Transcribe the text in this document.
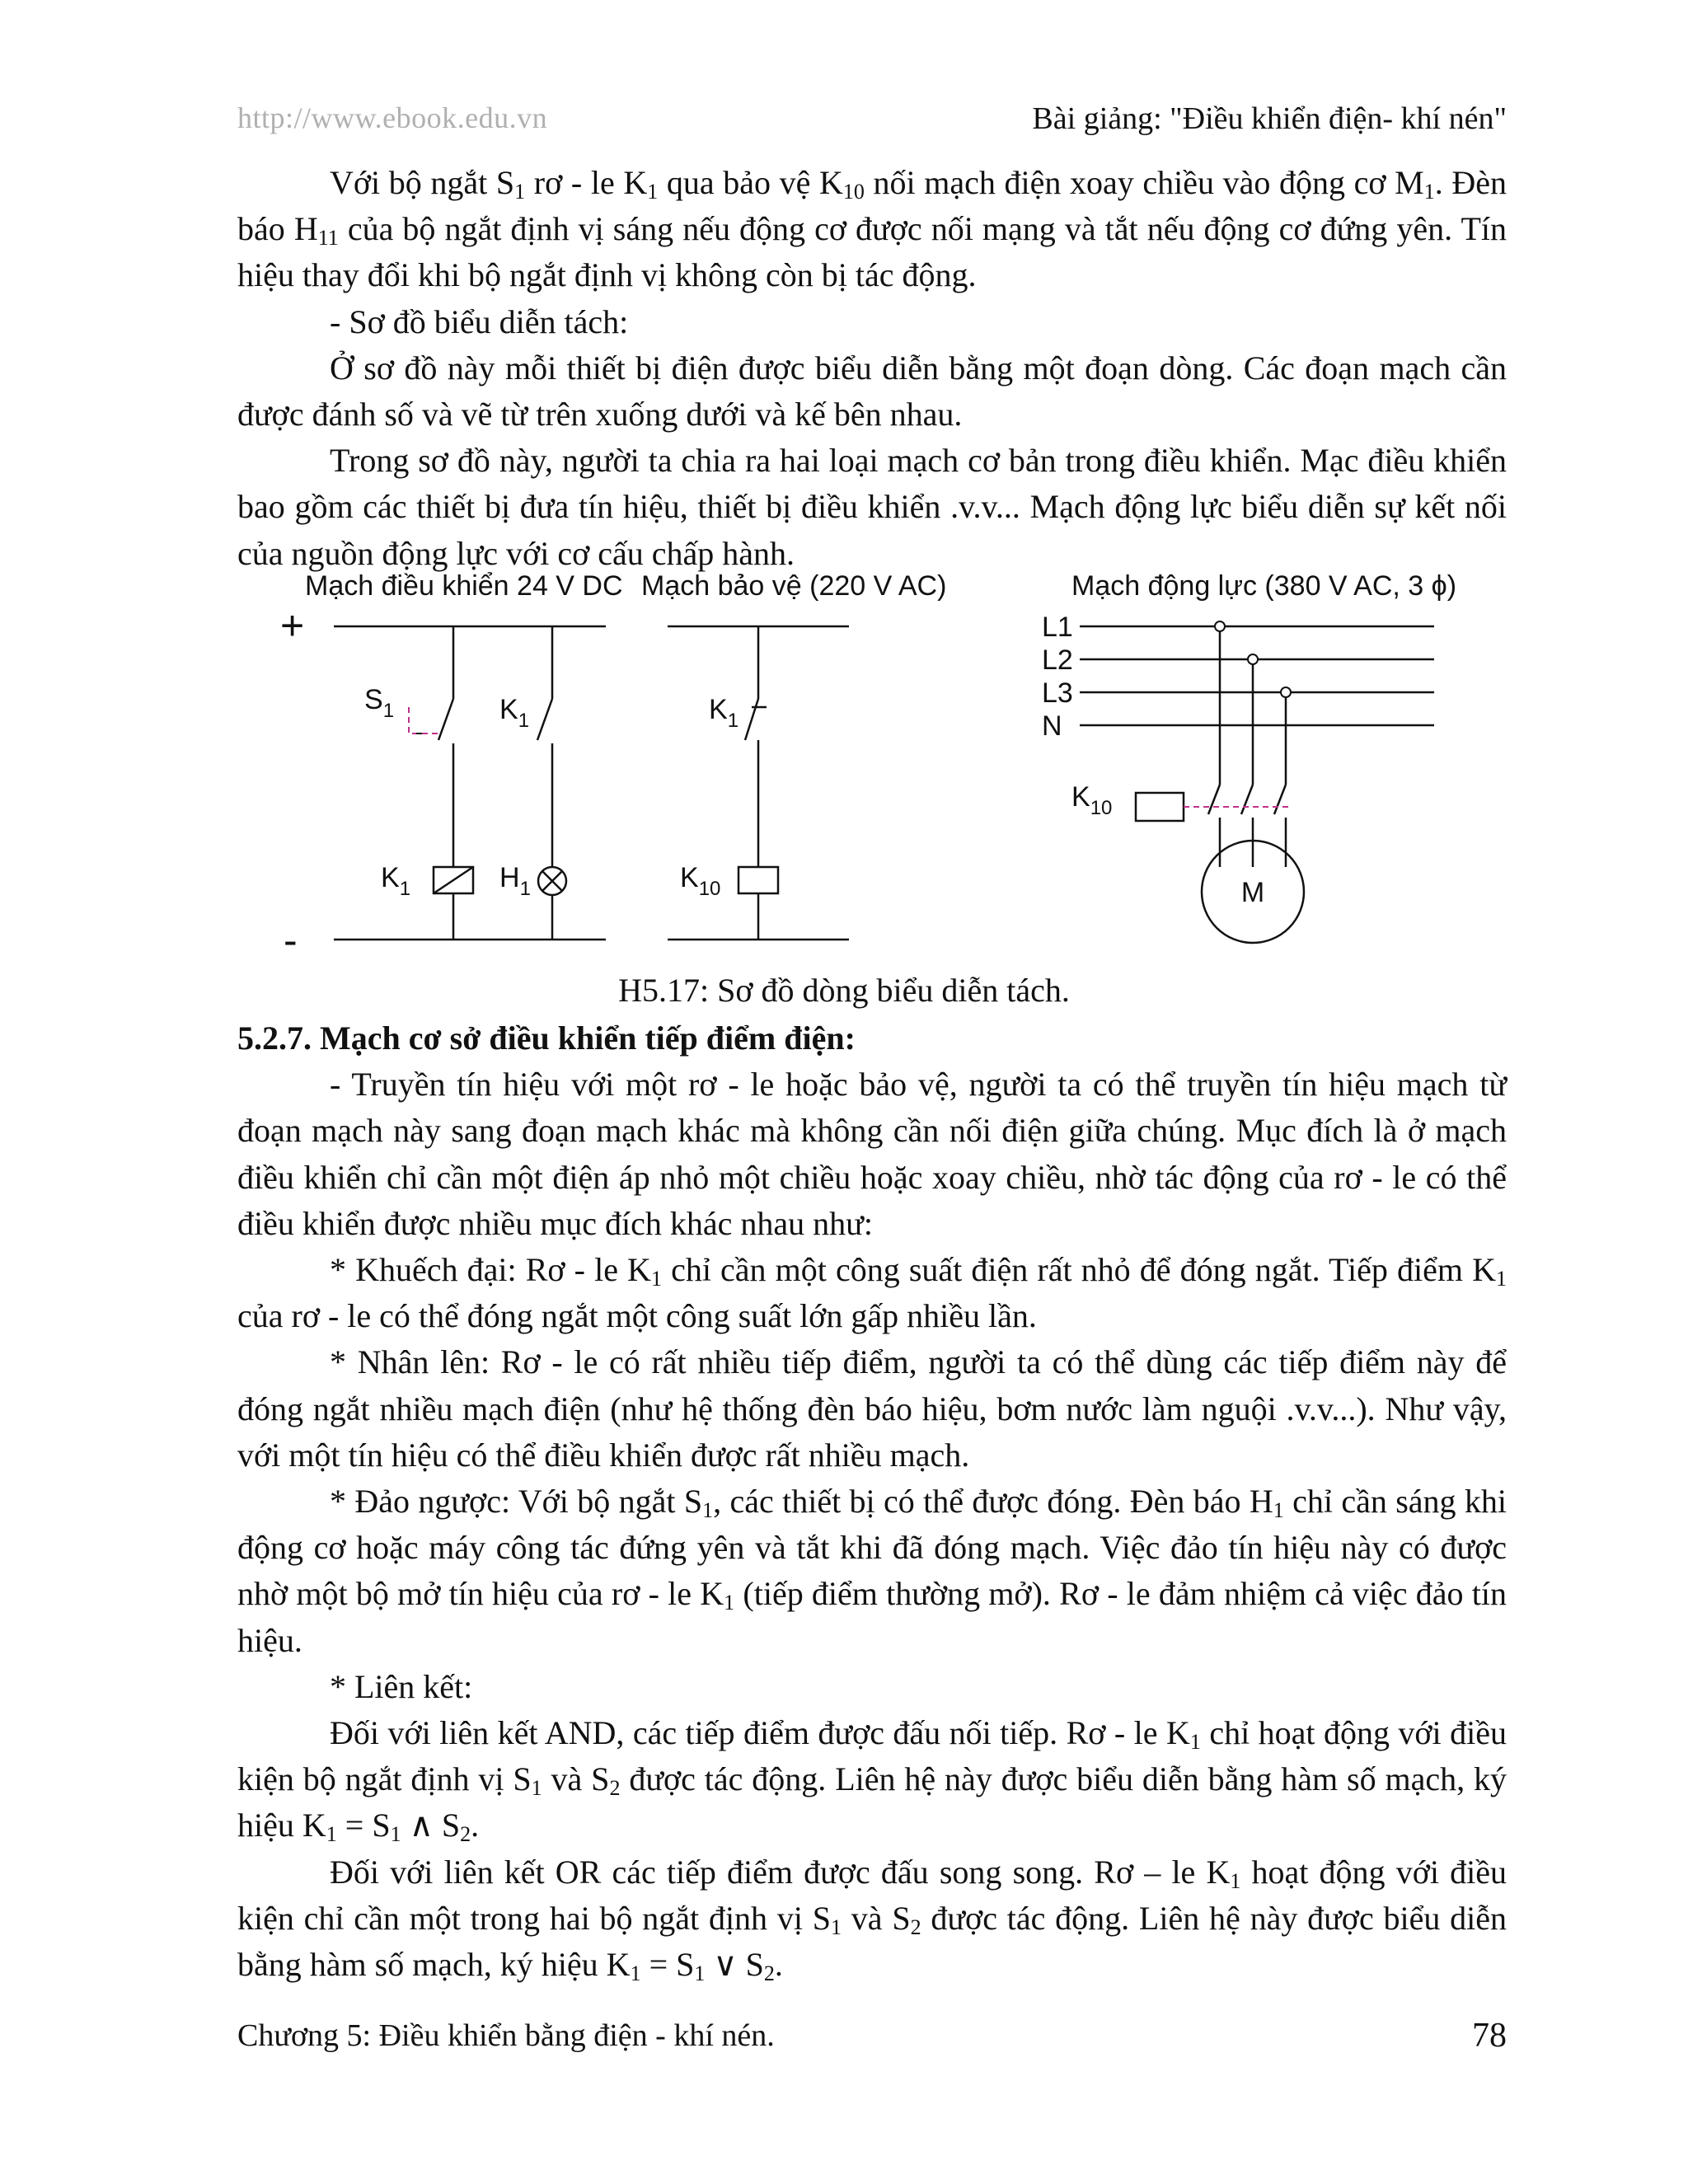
http://www.ebook.edu.vn	Bài giảng: "Điều khiển điện- khí nén"

Với bộ ngắt $S_1$ rơ - le $K_1$ qua bảo vệ $K_{10}$ nối mạch điện xoay chiều vào động cơ $M_1$. Đèn báo $H_{11}$ của bộ ngắt định vị sáng nếu động cơ được nối mạng và tắt nếu động cơ đứng yên. Tín hiệu thay đổi khi bộ ngắt định vị không còn bị tác động.

- Sơ đồ biểu diễn tách:

Ở sơ đồ này mỗi thiết bị điện được biểu diễn bằng một đoạn dòng. Các đoạn mạch cần được đánh số và vẽ từ trên xuống dưới và kế bên nhau.

Trong sơ đồ này, người ta chia ra hai loại mạch cơ bản trong điều khiển. Mạc điều khiển bao gồm các thiết bị đưa tín hiệu, thiết bị điều khiển .v.v... Mạch động lực biểu diễn sự kết nối của nguồn động lực với cơ cấu chấp hành.

Mạch điều khiển 24 V DC Mạch bảo vệ (220 V AC)	Mạch động lực (380 V AC, 3 ϕ)
+
-
$S_1$	$K_1$	$K_1$
$K_1$	$H_1$	$K_{10}$
$K_{10}$
L1
L2
L3
N
M
H5.17: Sơ đồ dòng biểu diễn tách.

5.2.7. Mạch cơ sở điều khiển tiếp điểm điện:

- Truyền tín hiệu với một rơ - le hoặc bảo vệ, người ta có thể truyền tín hiệu mạch từ đoạn mạch này sang đoạn mạch khác mà không cần nối điện giữa chúng. Mục đích là ở mạch điều khiển chỉ cần một điện áp nhỏ một chiều hoặc xoay chiều, nhờ tác động của rơ - le có thể điều khiển được nhiều mục đích khác nhau như:

* Khuếch đại: Rơ - le $K_1$ chỉ cần một công suất điện rất nhỏ để đóng ngắt. Tiếp điểm $K_1$ của rơ - le có thể đóng ngắt một công suất lớn gấp nhiều lần.

* Nhân lên: Rơ - le có rất nhiều tiếp điểm, người ta có thể dùng các tiếp điểm này để đóng ngắt nhiều mạch điện (như hệ thống đèn báo hiệu, bơm nước làm nguội .v.v...). Như vậy, với một tín hiệu có thể điều khiển được rất nhiều mạch.

* Đảo ngược: Với bộ ngắt $S_1$, các thiết bị có thể được đóng. Đèn báo $H_1$ chỉ cần sáng khi động cơ hoặc máy công tác đứng yên và tắt khi đã đóng mạch. Việc đảo tín hiệu này có được nhờ một bộ mở tín hiệu của rơ - le $K_1$ (tiếp điểm thường mở). Rơ - le đảm nhiệm cả việc đảo tín hiệu.

* Liên kết:

Đối với liên kết AND, các tiếp điểm được đấu nối tiếp. Rơ - le $K_1$ chỉ hoạt động với điều kiện bộ ngắt định vị $S_1$ và $S_2$ được tác động. Liên hệ này được biểu diễn bằng hàm số mạch, ký hiệu $K_1 = S_1$ ∧ $S_2$.

Đối với liên kết OR các tiếp điểm được đấu song song. Rơ – le $K_1$ hoạt động với điều kiện chỉ cần một trong hai bộ ngắt định vị $S_1$ và $S_2$ được tác động. Liên hệ này được biểu diễn bằng hàm số mạch, ký hiệu $K_1 = S_1$ ∨ $S_2$.

Chương 5: Điều khiển bằng điện - khí nén.	78
